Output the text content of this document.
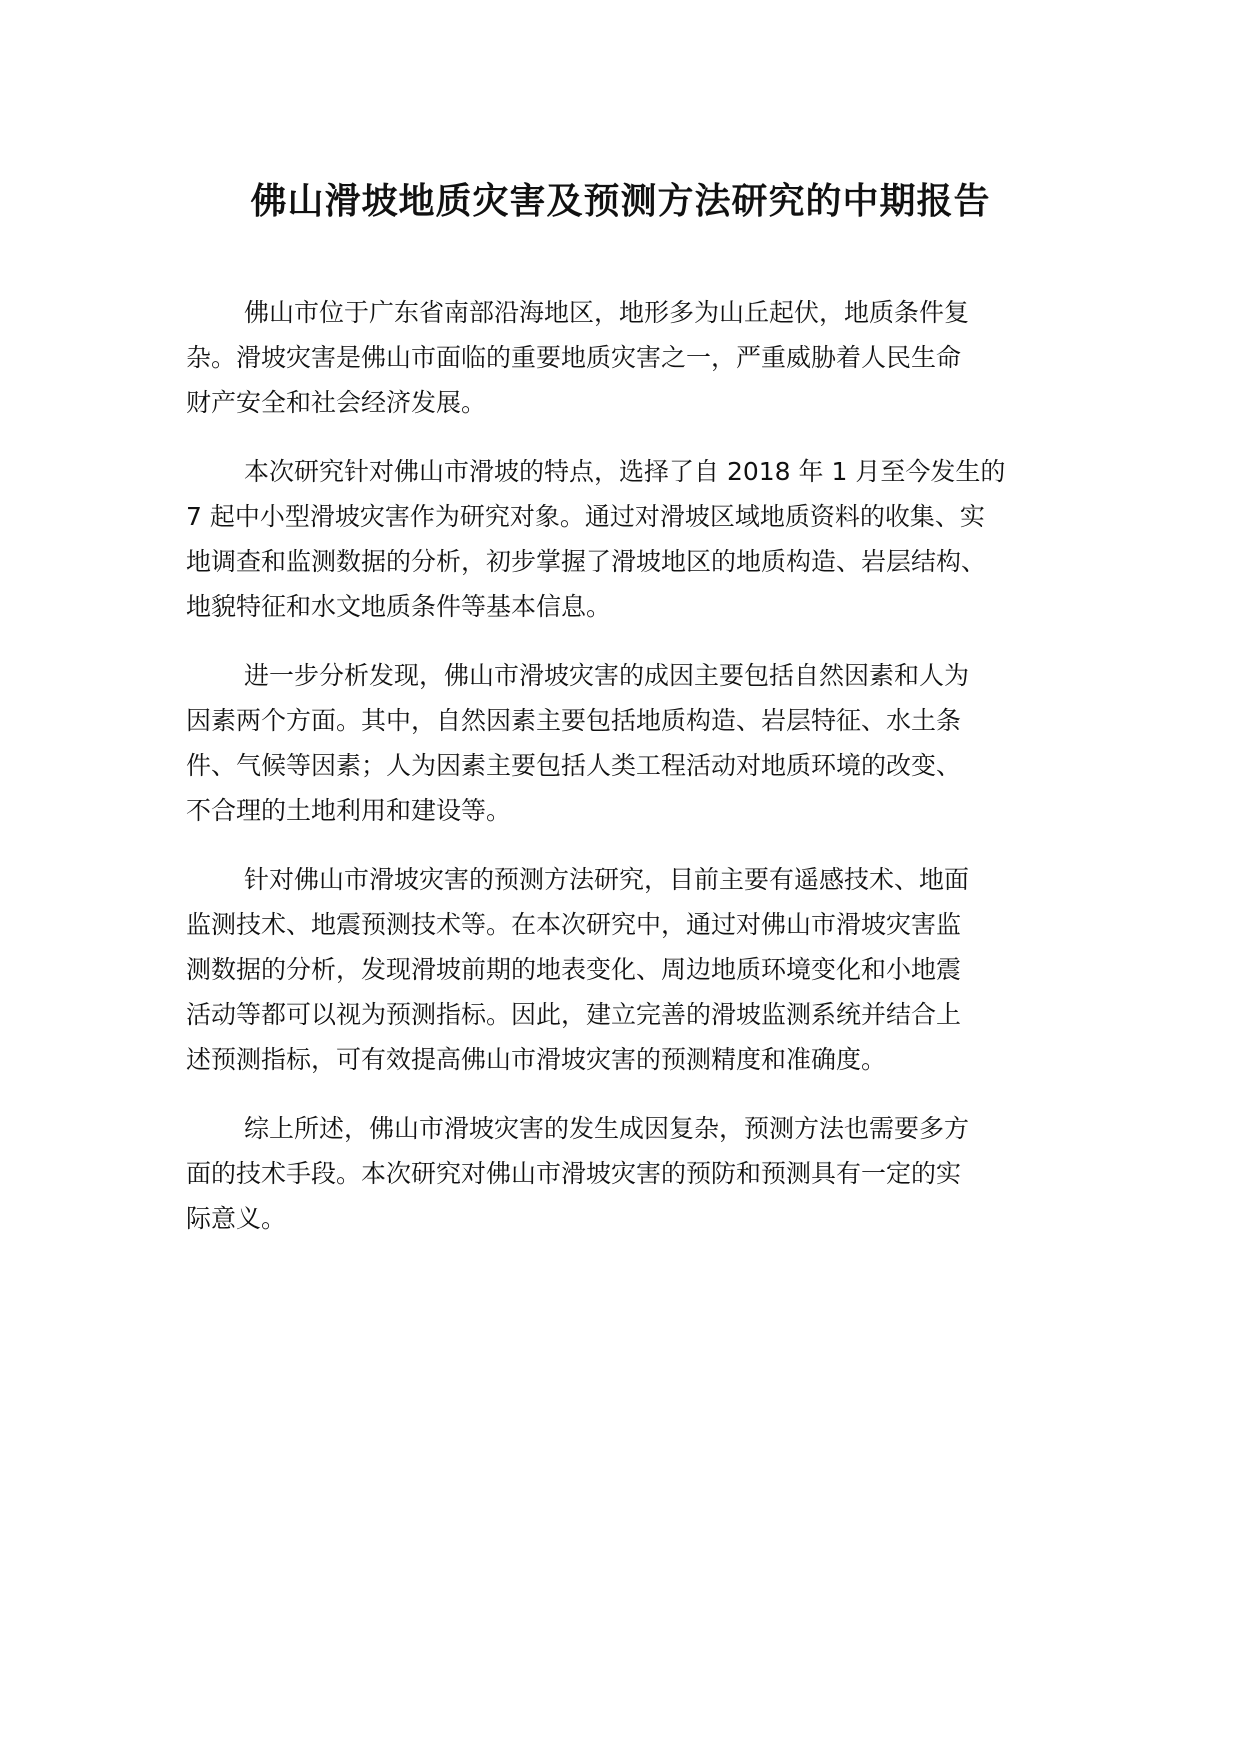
佛山滑坡地质灾害及预测方法研究的中期报告
佛山市位于广东省南部沿海地区，地形多为山丘起伏，地质条件复
杂。滑坡灾害是佛山市面临的重要地质灾害之一，严重威胁着人民生命
财产安全和社会经济发展。
本次研究针对佛山市滑坡的特点，选择了自 2018 年 1 月至今发生的
7 起中小型滑坡灾害作为研究对象。通过对滑坡区域地质资料的收集、实
地调查和监测数据的分析，初步掌握了滑坡地区的地质构造、岩层结构、
地貌特征和水文地质条件等基本信息。
进一步分析发现，佛山市滑坡灾害的成因主要包括自然因素和人为
因素两个方面。其中，自然因素主要包括地质构造、岩层特征、水土条
件、气候等因素；人为因素主要包括人类工程活动对地质环境的改变、
不合理的土地利用和建设等。
针对佛山市滑坡灾害的预测方法研究，目前主要有遥感技术、地面
监测技术、地震预测技术等。在本次研究中，通过对佛山市滑坡灾害监
测数据的分析，发现滑坡前期的地表变化、周边地质环境变化和小地震
活动等都可以视为预测指标。因此，建立完善的滑坡监测系统并结合上
述预测指标，可有效提高佛山市滑坡灾害的预测精度和准确度。
综上所述，佛山市滑坡灾害的发生成因复杂，预测方法也需要多方
面的技术手段。本次研究对佛山市滑坡灾害的预防和预测具有一定的实
际意义。
